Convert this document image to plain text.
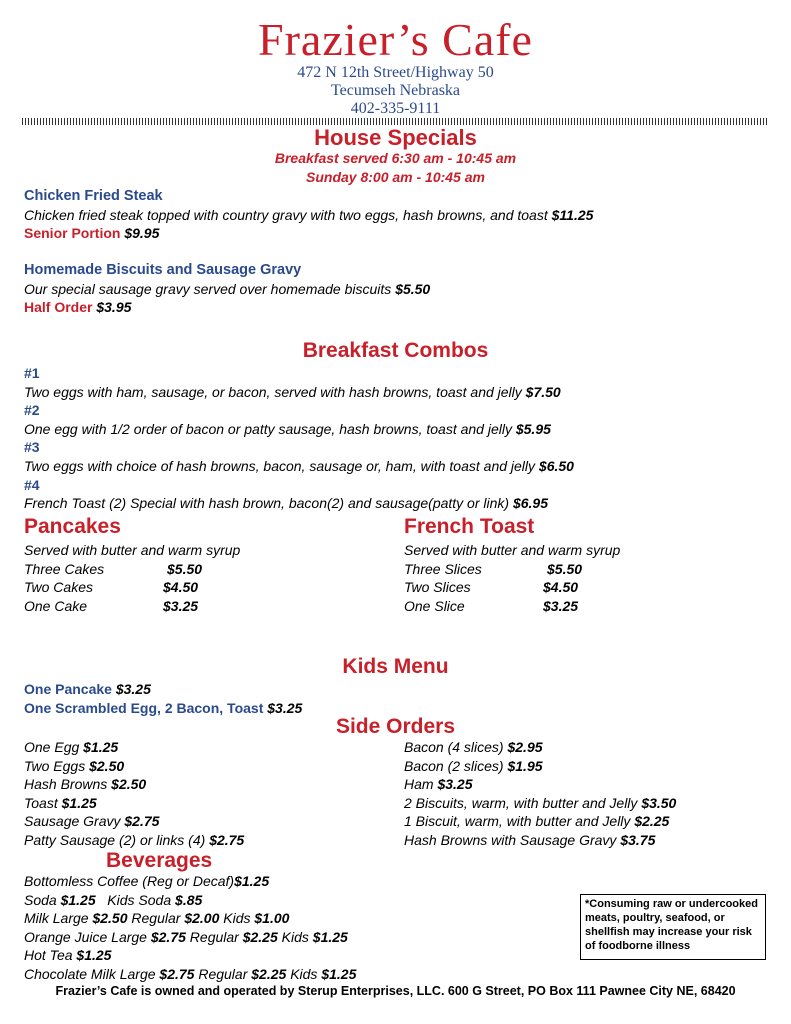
Frazier’s Cafe
472 N 12th Street/Highway 50
Tecumseh Nebraska
402-335-9111
House Specials
Breakfast served 6:30 am - 10:45 am
Sunday 8:00 am - 10:45 am
Chicken Fried Steak
Chicken fried steak topped with country gravy with two eggs, hash browns, and toast $11.25
Senior Portion $9.95
Homemade Biscuits and Sausage Gravy
Our special sausage gravy served over homemade biscuits $5.50
Half Order $3.95
Breakfast Combos
#1
Two eggs with ham, sausage, or bacon, served with hash browns, toast and jelly $7.50
#2
One egg with 1/2 order of bacon or patty sausage, hash browns, toast and jelly $5.95
#3
Two eggs with choice of hash browns, bacon, sausage or, ham, with toast and jelly $6.50
#4
French Toast (2) Special with hash brown, bacon(2) and sausage(patty or link) $6.95
Pancakes
Served with butter and warm syrup
Three Cakes	$5.50
Two Cakes	$4.50
One Cake	$3.25
French Toast
Served with butter and warm syrup
Three Slices	$5.50
Two Slices	$4.50
One Slice	$3.25
Kids Menu
One Pancake $3.25
One Scrambled Egg, 2 Bacon, Toast $3.25
Side Orders
One Egg $1.25
Two Eggs $2.50
Hash Browns $2.50
Toast $1.25
Sausage Gravy $2.75
Patty Sausage (2) or links (4) $2.75
Bacon (4 slices) $2.95
Bacon (2 slices) $1.95
Ham $3.25
2 Biscuits, warm, with butter and Jelly $3.50
1 Biscuit, warm, with butter and Jelly $2.25
Hash Browns with Sausage Gravy $3.75
Beverages
Bottomless Coffee (Reg or Decaf)$1.25
Soda $1.25   Kids Soda $.85
Milk Large $2.50 Regular $2.00 Kids $1.00
Orange Juice Large $2.75 Regular $2.25 Kids $1.25
Hot Tea $1.25
Chocolate Milk Large $2.75 Regular $2.25 Kids $1.25
*Consuming raw or undercooked meats, poultry, seafood, or shellfish may increase your risk of foodborne illness
Frazier’s Cafe is owned and operated by Sterup Enterprises, LLC. 600 G Street, PO Box 111 Pawnee City NE, 68420
